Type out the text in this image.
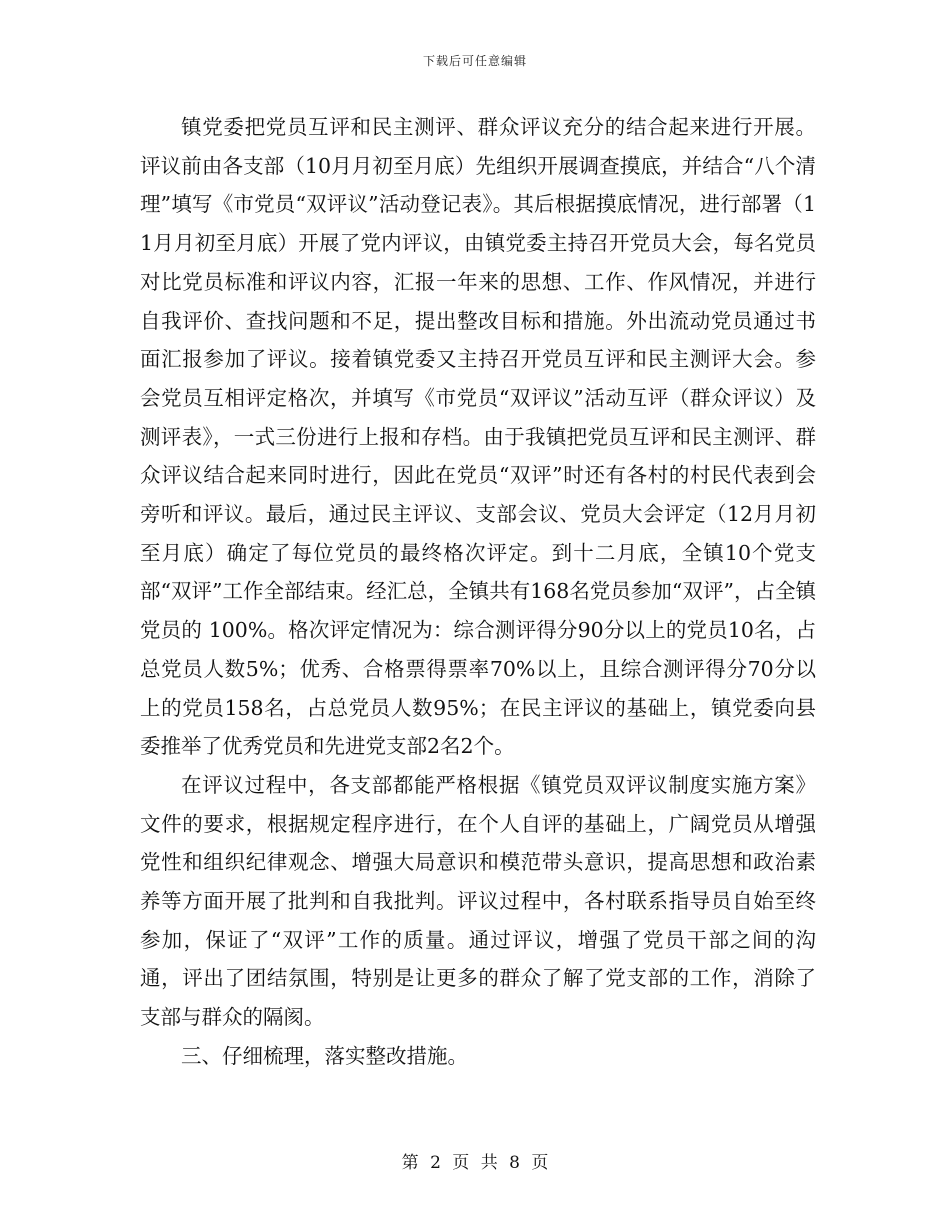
下载后可任意编辑

镇党委把党员互评和民主测评、群众评议充分的结合起来进行开展。评议前由各支部（10月月初至月底）先组织开展调查摸底，并结合“八个清理”填写《市党员“双评议”活动登记表》。其后根据摸底情况，进行部署（11月月初至月底）开展了党内评议，由镇党委主持召开党员大会，每名党员对比党员标准和评议内容，汇报一年来的思想、工作、作风情况，并进行自我评价、查找问题和不足，提出整改目标和措施。外出流动党员通过书面汇报参加了评议。接着镇党委又主持召开党员互评和民主测评大会。参会党员互相评定格次，并填写《市党员“双评议”活动互评（群众评议）及测评表》，一式三份进行上报和存档。由于我镇把党员互评和民主测评、群众评议结合起来同时进行，因此在党员“双评”时还有各村的村民代表到会旁听和评议。最后，通过民主评议、支部会议、党员大会评定（12月月初至月底）确定了每位党员的最终格次评定。到十二月底，全镇10个党支部“双评”工作全部结束。经汇总，全镇共有168名党员参加“双评”，占全镇党员的 100%。格次评定情况为：综合测评得分90分以上的党员10名，占总党员人数5%；优秀、合格票得票率70%以上，且综合测评得分70分以上的党员158名，占总党员人数95%；在民主评议的基础上，镇党委向县委推举了优秀党员和先进党支部2名2个。

在评议过程中，各支部都能严格根据《镇党员双评议制度实施方案》文件的要求，根据规定程序进行，在个人自评的基础上，广阔党员从增强党性和组织纪律观念、增强大局意识和模范带头意识，提高思想和政治素养等方面开展了批判和自我批判。评议过程中，各村联系指导员自始至终参加，保证了“双评”工作的质量。通过评议，增强了党员干部之间的沟通，评出了团结氛围，特别是让更多的群众了解了党支部的工作，消除了支部与群众的隔阂。

三、仔细梳理，落实整改措施。

第 2 页 共 8 页
